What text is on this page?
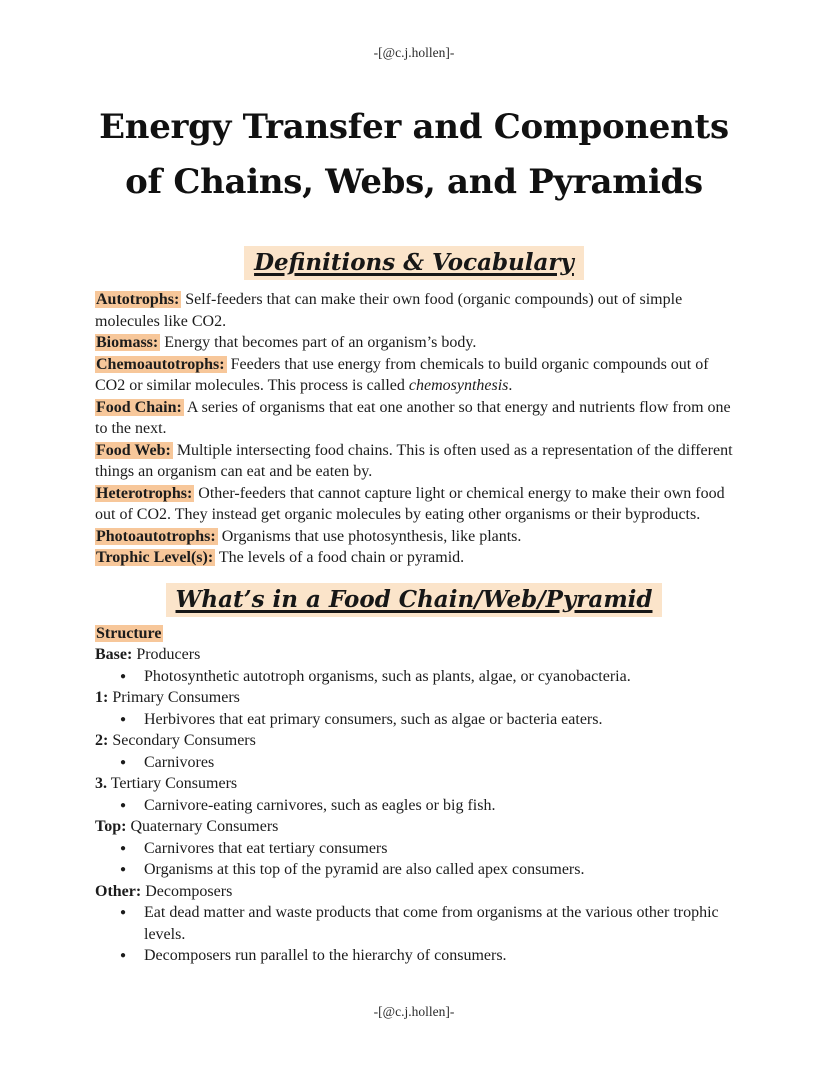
-[@c.j.hollen]-
Energy Transfer and Components
of Chains, Webs, and Pyramids
Definitions & Vocabulary

Autotrophs: Self-feeders that can make their own food (organic compounds) out of simple molecules like CO2.

Biomass: Energy that becomes part of an organism’s body.

Chemoautotrophs: Feeders that use energy from chemicals to build organic compounds out of CO2 or similar molecules. This process is called chemosynthesis.

Food Chain: A series of organisms that eat one another so that energy and nutrients flow from one to the next.

Food Web: Multiple intersecting food chains. This is often used as a representation of the different things an organism can eat and be eaten by.

Heterotrophs: Other-feeders that cannot capture light or chemical energy to make their own food out of CO2. They instead get organic molecules by eating other organisms or their byproducts.

Photoautotrophs: Organisms that use photosynthesis, like plants.

Trophic Level(s): The levels of a food chain or pyramid.

What’s in a Food Chain/Web/Pyramid

Structure

Base: Producers

●	Photosynthetic autotroph organisms, such as plants, algae, or cyanobacteria.

1: Primary Consumers

●	Herbivores that eat primary consumers, such as algae or bacteria eaters.

2: Secondary Consumers

●	Carnivores

3. Tertiary Consumers

●	Carnivore-eating carnivores, such as eagles or big fish.

Top: Quaternary Consumers

●	Carnivores that eat tertiary consumers
●	Organisms at this top of the pyramid are also called apex consumers.

Other: Decomposers

●	Eat dead matter and waste products that come from organisms at the various other trophic levels.
●	Decomposers run parallel to the hierarchy of consumers.
-[@c.j.hollen]-
